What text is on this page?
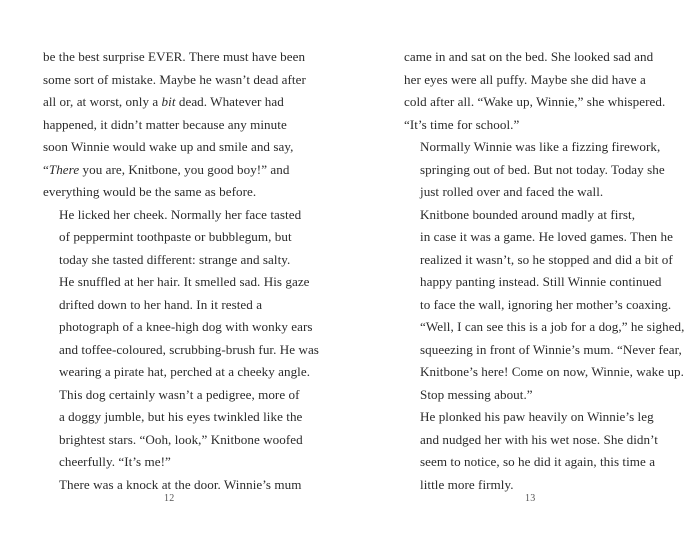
be the best surprise EVER. There must have been
some sort of mistake. Maybe he wasn’t dead after
all or, at worst, only a bit dead. Whatever had
happened, it didn’t matter because any minute
soon Winnie would wake up and smile and say,
“There you are, Knitbone, you good boy!” and
everything would be the same as before.

He licked her cheek. Normally her face tasted
of peppermint toothpaste or bubblegum, but
today she tasted different: strange and salty.
He snuffled at her hair. It smelled sad. His gaze
drifted down to her hand. In it rested a
photograph of a knee-high dog with wonky ears
and toffee-coloured, scrubbing-brush fur. He was
wearing a pirate hat, perched at a cheeky angle.
This dog certainly wasn’t a pedigree, more of
a doggy jumble, but his eyes twinkled like the
brightest stars. “Ooh, look,” Knitbone woofed
cheerfully. “It’s me!”

There was a knock at the door. Winnie’s mum

12

came in and sat on the bed. She looked sad and
her eyes were all puffy. Maybe she did have a
cold after all. “Wake up, Winnie,” she whispered.
“It’s time for school.”

Normally Winnie was like a fizzing firework,
springing out of bed. But not today. Today she
just rolled over and faced the wall.

Knitbone bounded around madly at first,
in case it was a game. He loved games. Then he
realized it wasn’t, so he stopped and did a bit of
happy panting instead. Still Winnie continued
to face the wall, ignoring her mother’s coaxing.
“Well, I can see this is a job for a dog,” he sighed,
squeezing in front of Winnie’s mum. “Never fear,
Knitbone’s here! Come on now, Winnie, wake up.
Stop messing about.”

He plonked his paw heavily on Winnie’s leg
and nudged her with his wet nose. She didn’t
seem to notice, so he did it again, this time a
little more firmly.

13
